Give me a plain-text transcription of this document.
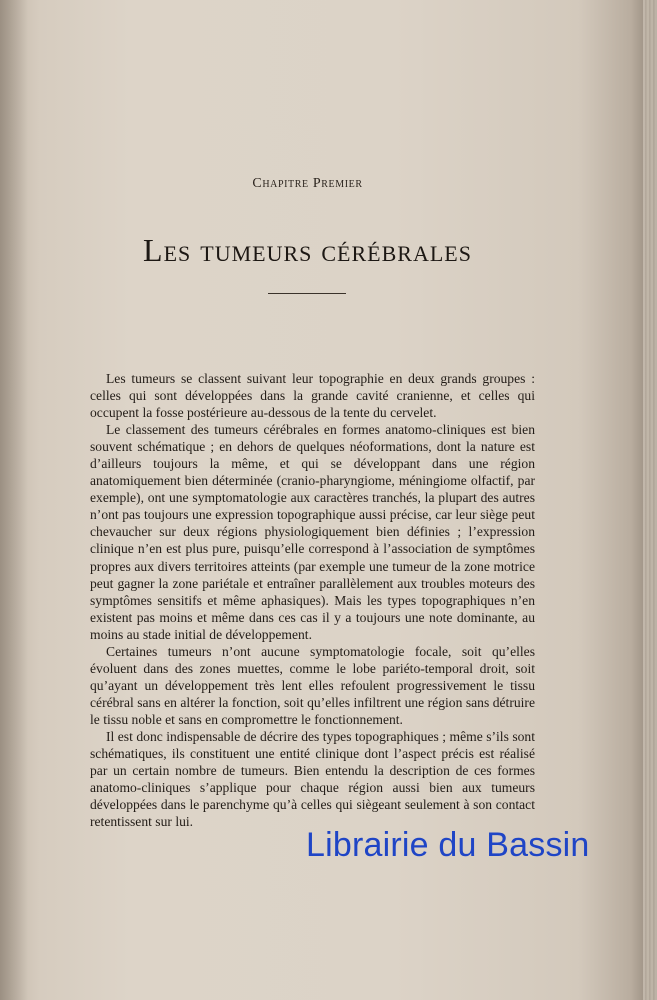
Chapitre Premier
Les tumeurs cérébrales

Les tumeurs se classent suivant leur topographie en deux grands groupes : celles qui sont développées dans la grande cavité cranienne, et celles qui occupent la fosse postérieure au-dessous de la tente du cervelet.

Le classement des tumeurs cérébrales en formes anatomo-cliniques est bien souvent schématique ; en dehors de quelques néoformations, dont la nature est d’ailleurs toujours la même, et qui se développant dans une région anatomiquement bien déterminée (cranio-pharyngiome, méningiome olfactif, par exemple), ont une symptomatologie aux caractères tranchés, la plupart des autres n’ont pas toujours une expression topographique aussi précise, car leur siège peut chevaucher sur deux régions physiologiquement bien définies ; l’expression clinique n’en est plus pure, puisqu’elle correspond à l’association de symptômes propres aux divers territoires atteints (par exemple une tumeur de la zone motrice peut gagner la zone pariétale et entraîner parallèlement aux troubles moteurs des symptômes sensitifs et même aphasiques). Mais les types topographiques n’en existent pas moins et même dans ces cas il y a toujours une note dominante, au moins au stade initial de développement.

Certaines tumeurs n’ont aucune symptomatologie focale, soit qu’elles évoluent dans des zones muettes, comme le lobe pariéto-temporal droit, soit qu’ayant un développement très lent elles refoulent progressivement le tissu cérébral sans en altérer la fonction, soit qu’elles infiltrent une région sans détruire le tissu noble et sans en compromettre le fonctionnement.

Il est donc indispensable de décrire des types topographiques ; même s’ils sont schématiques, ils constituent une entité clinique dont l’aspect précis est réalisé par un certain nombre de tumeurs. Bien entendu la description de ces formes anatomo-cliniques s’applique pour chaque région aussi bien aux tumeurs développées dans le parenchyme qu’à celles qui siègeant seulement à son contact retentissent sur lui.

Librairie du Bassin
